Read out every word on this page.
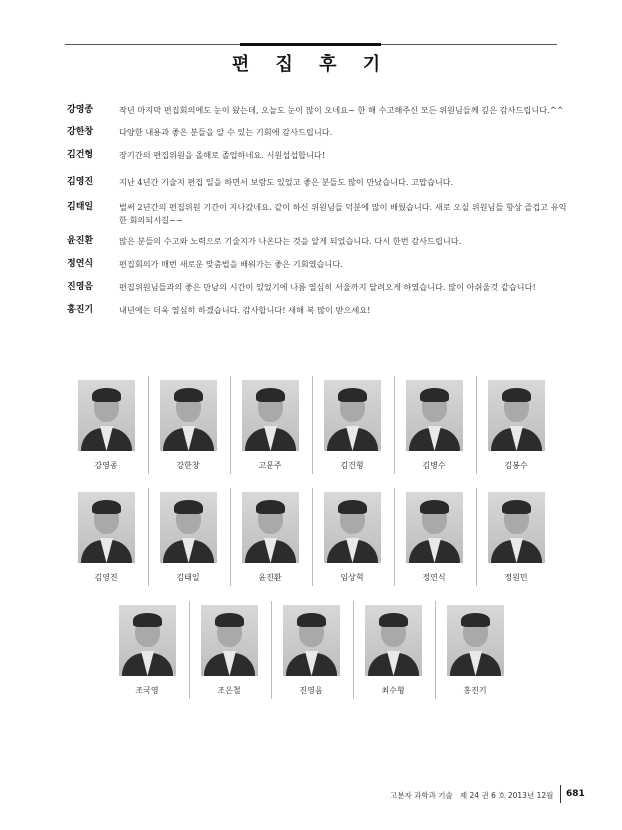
편 집 후 기
강영종	작년 마지막 편집회의에도 눈이 왔는데, 오늘도 눈이 많이 오네요~ 한 해 수고해주신 모든 위원님들께 깊은 감사드립니다.^^
강한창	다양한 내용과 좋은 분들을 알 수 있는 기회에 감사드립니다.
김건형	장기간의 편집위원을 올해로 졸업하네요. 시원섭섭합니다!
김영진	지난 4년간 기술지 편집 일을 하면서 보람도 있었고 좋은 분들도 많이 만났습니다. 고맙습니다.
김태일	벌써 2년간의 편집위원 기간이 지나갔네요. 같이 하신 위원님들 덕분에 많이 배웠습니다. 새로 오실 위원님들 항상 즐겁고 유익한 회의되시길~~
윤진환	많은 분들의 수고와 노력으로 기술지가 나온다는 것을 알게 되었습니다. 다시 한번 감사드립니다.
정연식	편집회의가 매번 새로운 맞춤법을 배워가는 좋은 기회였습니다.
진영음	편집위원님들과의 좋은 만남의 시간이 있었기에 나름 열심히 서울까지 달려오게 하였습니다. 많이 아쉬울것 같습니다!
홍진기	내년에는 더욱 열심히 하겠습니다. 감사합니다! 새해 복 많이 받으세요!
강영종	강한창	고문주	김건형	김병수	김봉수
김영진	김태일	윤진환	임상혁	정연식	정원민
조국영	조은철	진영음	최수형	홍진기
고분자 과학과 기술 제 24 권 6 호 2013년 12월 681
